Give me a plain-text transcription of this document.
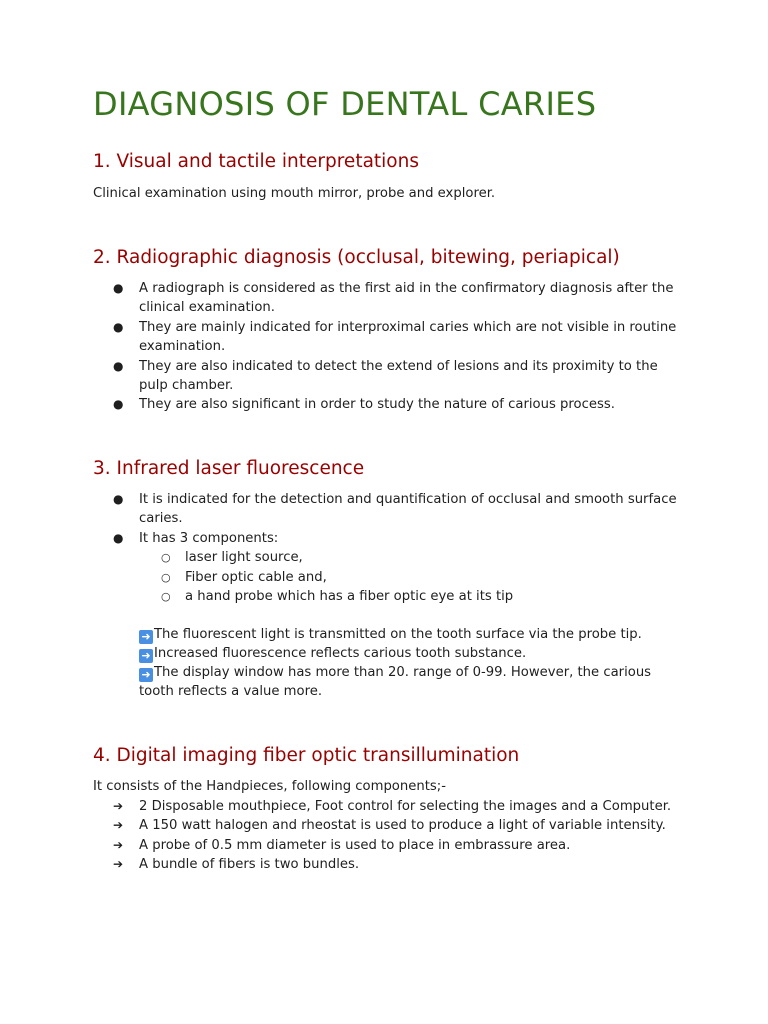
DIAGNOSIS OF DENTAL CARIES
1. Visual and tactile interpretations

Clinical examination using mouth mirror, probe and explorer.

2. Radiographic diagnosis (occlusal, bitewing, periapical)
●	A radiograph is considered as the first aid in the confirmatory diagnosis after the clinical examination.
●	They are mainly indicated for interproximal caries which are not visible in routine examination.
●	They are also indicated to detect the extend of lesions and its proximity to the pulp chamber.
●	They are also significant in order to study the nature of carious process.
3. Infrared laser fluorescence
●	It is indicated for the detection and quantification of occlusal and smooth surface caries.
●	It has 3 components:
○	laser light source,
○	Fiber optic cable and,
○	a hand probe which has a fiber optic eye at its tip
➜ The fluorescent light is transmitted on the tooth surface via the probe tip.
➜ Increased fluorescence reflects carious tooth substance.
➜ The display window has more than 20. range of 0-99. However, the carious tooth reflects a value more.
4. Digital imaging fiber optic transillumination

It consists of the Handpieces, following components;-

➔	2 Disposable mouthpiece, Foot control for selecting the images and a Computer.
➔	A 150 watt halogen and rheostat is used to produce a light of variable intensity.
➔	A probe of 0.5 mm diameter is used to place in embrassure area.
➔	A bundle of fibers is two bundles.
